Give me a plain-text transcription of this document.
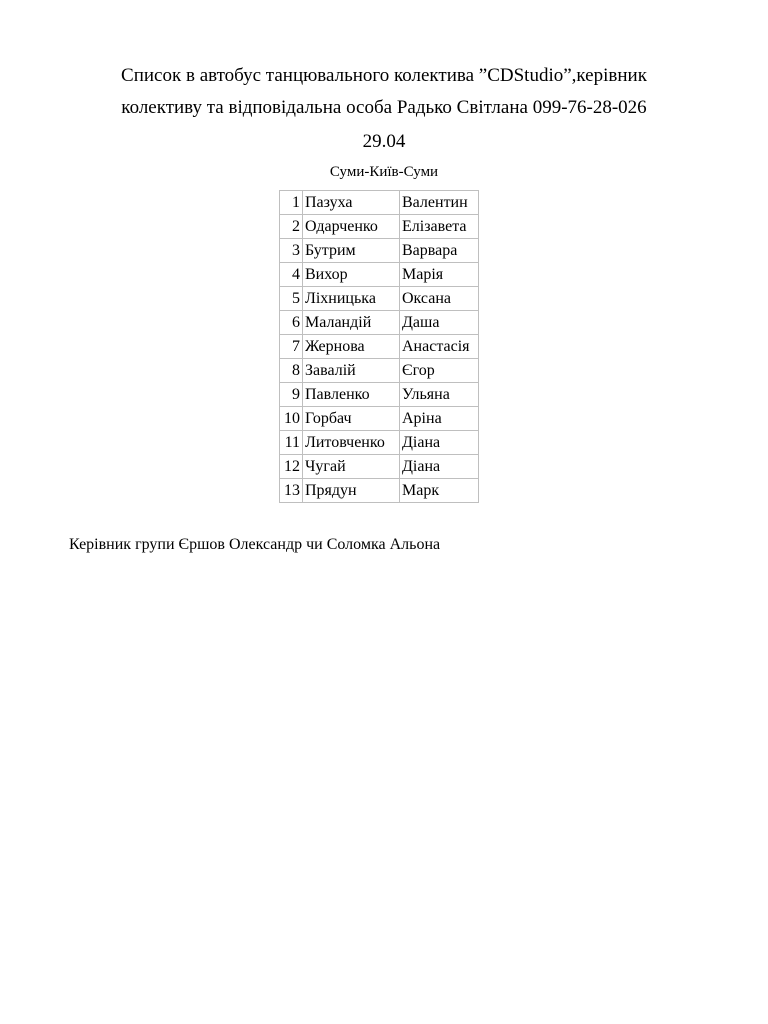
Список в автобус танцювального колектива ”CDStudio”,керівник
колективу та відповідальна особа Радько Світлана 099-76-28-026
29.04
Суми-Київ-Суми
1	Пазуха	Валентин
2	Одарченко	Елізавета
3	Бутрим	Варвара
4	Вихор	Марія
5	Ліхницька	Оксана
6	Маландій	Даша
7	Жернова	Анастасія
8	Завалій	Єгор
9	Павленко	Ульяна
10	Горбач	Аріна
11	Литовченко	Діана
12	Чугай	Діана
13	Прядун	Марк
Керівник групи Єршов Олександр чи Соломка Альона
